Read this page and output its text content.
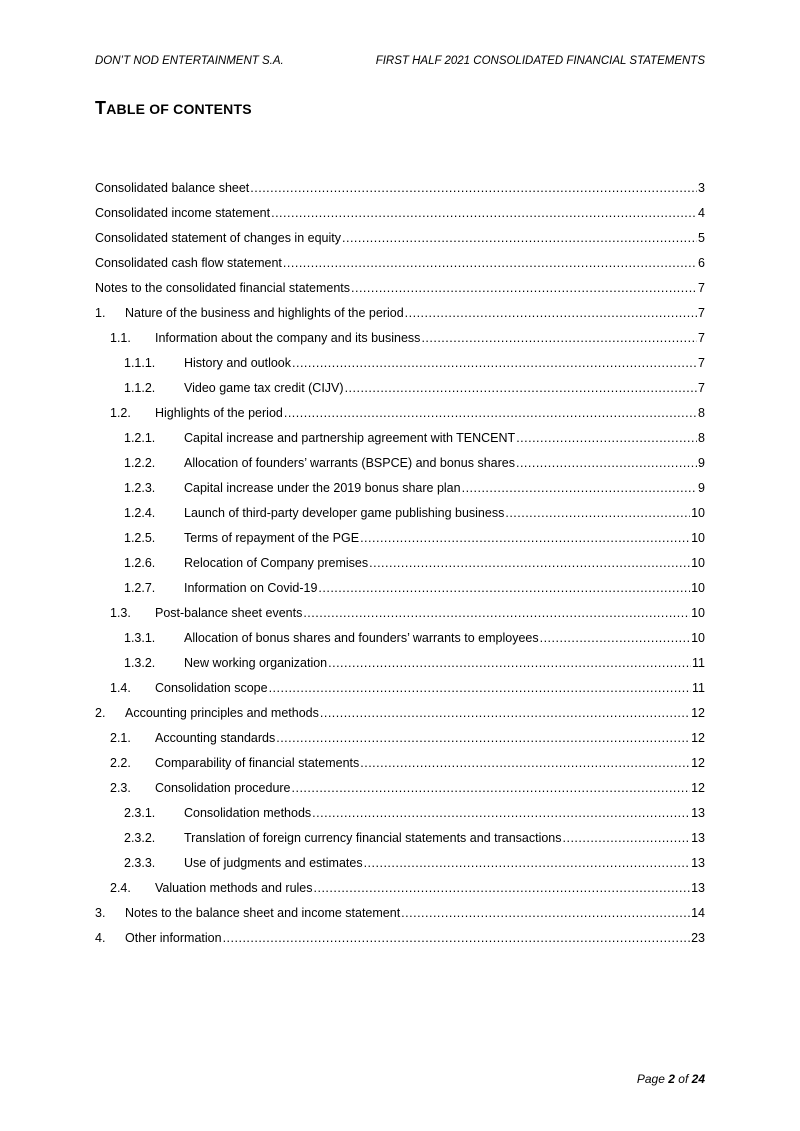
DON’T NOD ENTERTAINMENT S.A.	FIRST HALF 2021 CONSOLIDATED FINANCIAL STATEMENTS
TABLE OF CONTENTS
Consolidated balance sheet .....	3
Consolidated income statement .....	4
Consolidated statement of changes in equity .....	5
Consolidated cash flow statement .....	6
Notes to the consolidated financial statements .....	7
1.	Nature of the business and highlights of the period .....	7
1.1.	Information about the company and its business .....	7
1.1.1.	History and outlook .....	7
1.1.2.	Video game tax credit (CIJV) .....	7
1.2.	Highlights of the period .....	8
1.2.1.	Capital increase and partnership agreement with TENCENT .....	8
1.2.2.	Allocation of founders’ warrants (BSPCE) and bonus shares .....	9
1.2.3.	Capital increase under the 2019 bonus share plan .....	9
1.2.4.	Launch of third-party developer game publishing business .....	10
1.2.5.	Terms of repayment of the PGE .....	10
1.2.6.	Relocation of Company premises .....	10
1.2.7.	Information on Covid-19 .....	10
1.3.	Post-balance sheet events .....	10
1.3.1.	Allocation of bonus shares and founders’ warrants to employees .....	10
1.3.2.	New working organization .....	11
1.4.	Consolidation scope .....	11
2.	Accounting principles and methods .....	12
2.1.	Accounting standards .....	12
2.2.	Comparability of financial statements .....	12
2.3.	Consolidation procedure .....	12
2.3.1.	Consolidation methods .....	13
2.3.2.	Translation of foreign currency financial statements and transactions .....	13
2.3.3.	Use of judgments and estimates .....	13
2.4.	Valuation methods and rules .....	13
3.	Notes to the balance sheet and income statement .....	14
4.	Other information .....	23
Page 2 of 24
